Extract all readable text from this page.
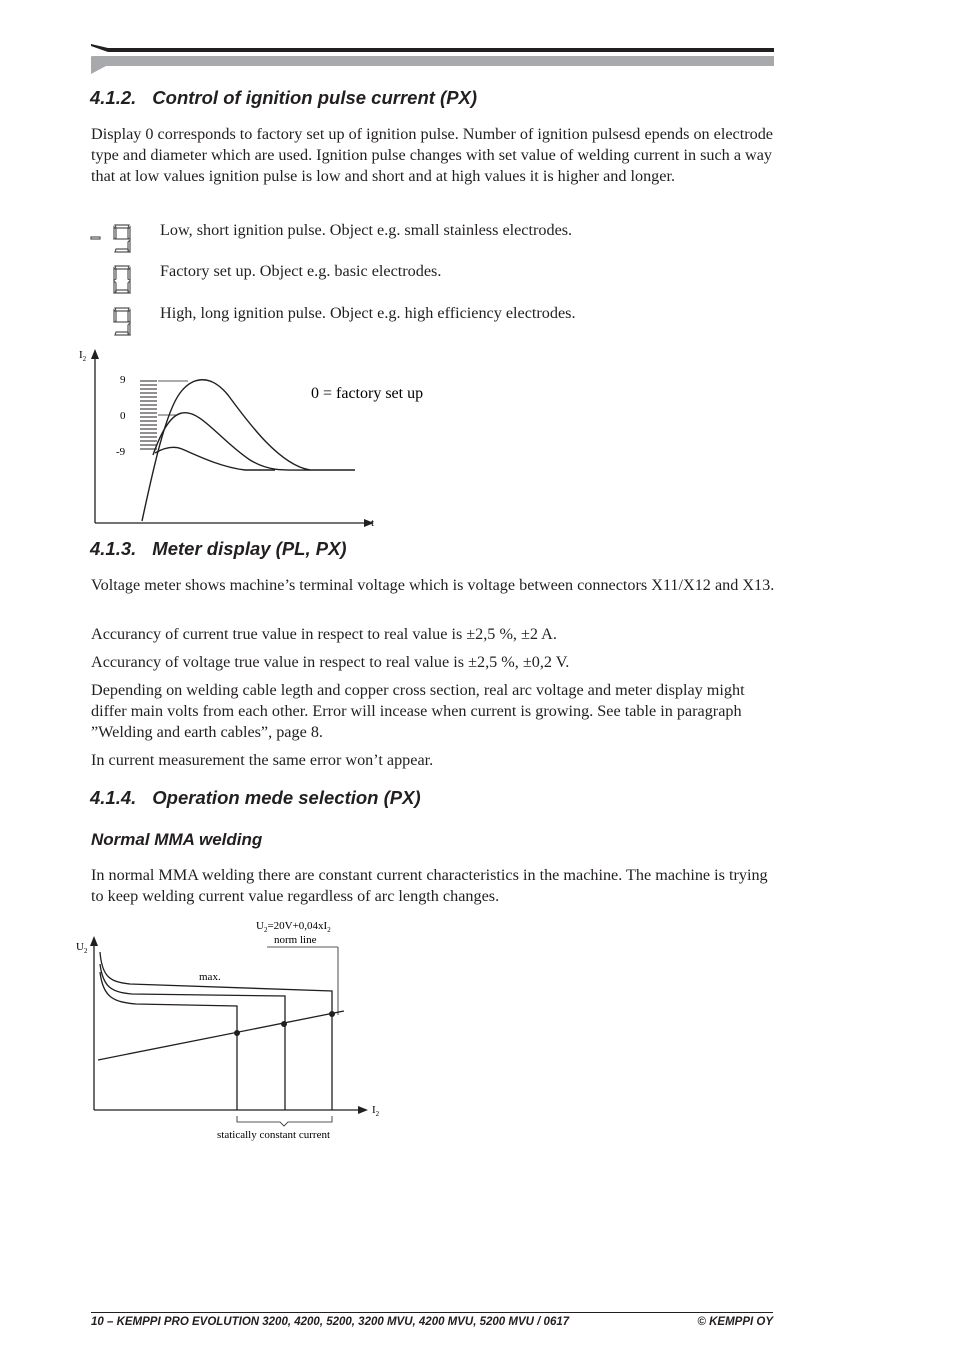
4.1.2. Control of ignition pulse current (PX)

Display 0 corresponds to factory set up of ignition pulse. Number of ignition pulsesd epends on electrode type and diameter which are used. Ignition pulse changes with set value of welding current in such a way that at low values ignition pulse is low and short and at high values it is higher and longer.

Low, short ignition pulse. Object e.g. small stainless electrodes.
Factory set up. Object e.g. basic electrodes.
High, long ignition pulse. Object e.g. high efficiency electrodes.
$I_2$
t
9
0
-9
0 = factory set up
4.1.3. Meter display (PL, PX)

Voltage meter shows machine’s terminal voltage which is voltage between connectors X11/X12 and X13.

Accurancy of current true value in respect to real value is ±2,5 %, ±2 A.

Accurancy of voltage true value in respect to real value is ±2,5 %, ±0,2 V.

Depending on welding cable legth and copper cross section, real arc voltage and meter display might differ main volts from each other. Error will incease when current is growing. See table in paragraph ”Welding and earth cables”, page 8.

In current measurement the same error won’t appear.

4.1.4. Operation mede selection (PX)
Normal MMA welding

In normal MMA welding there are constant current characteristics in the machine. The machine is trying to keep welding current value regardless of arc length changes.

$U_2=20V+0,04xI_2$
norm line
$U_2$
$I_2$
max.
statically constant current
10 – KEMPPI PRO EVOLUTION 3200, 4200, 5200, 3200 MVU, 4200 MVU, 5200 MVU / 0617	© KEMPPI OY
